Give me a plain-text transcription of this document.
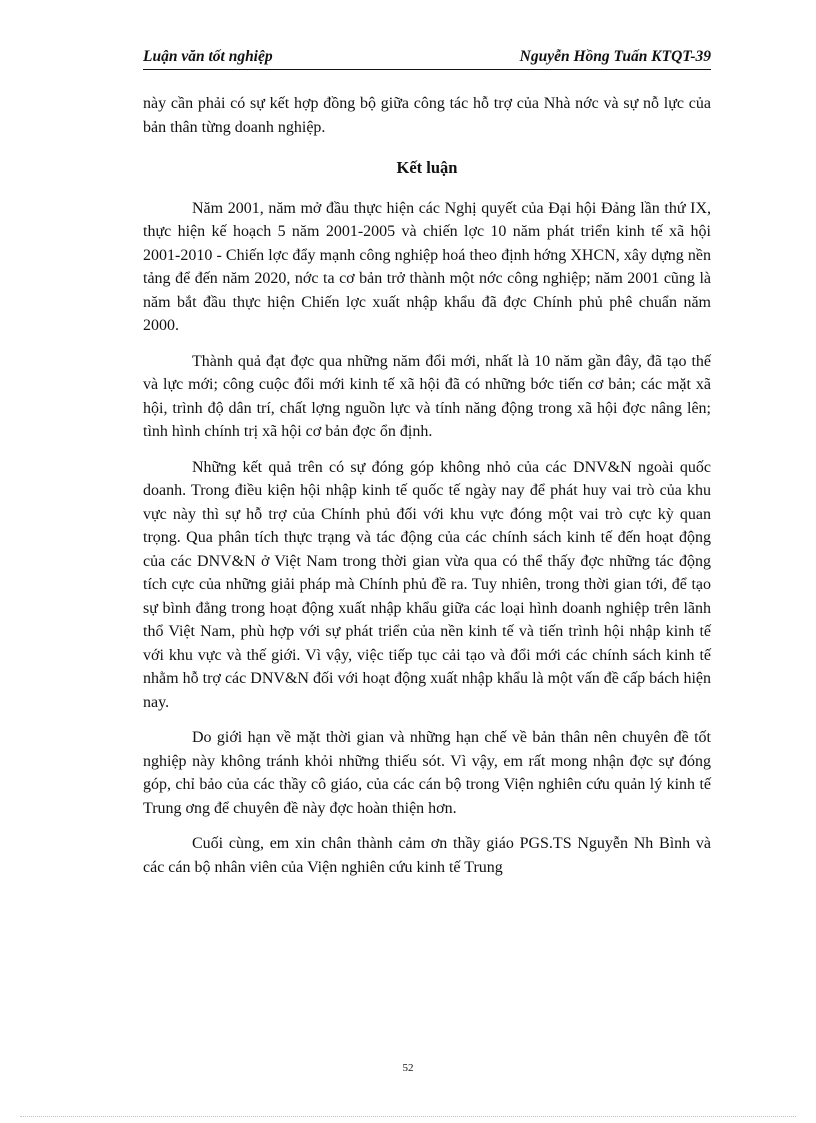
Luận văn tốt nghiệp	Nguyễn Hồng Tuấn KTQT-39

này cần phải có sự kết hợp đồng bộ giữa công tác hỗ trợ của Nhà nớc và sự nỗ lực của bản thân từng doanh nghiệp.

Kết luận

Năm 2001, năm mở đầu thực hiện các Nghị quyết của Đại hội Đảng lần thứ IX, thực hiện kế hoạch 5 năm 2001-2005 và chiến lợc 10 năm phát triển kinh tế xã hội 2001-2010 - Chiến lợc đẩy mạnh công nghiệp hoá theo định hớng XHCN, xây dựng nền tảng để đến năm 2020, nớc ta cơ bản trở thành một nớc công nghiệp; năm 2001 cũng là năm bắt đầu thực hiện Chiến lợc xuất nhập khẩu đã đợc Chính phủ phê chuẩn năm 2000.

Thành quả đạt đợc qua những năm đổi mới, nhất là 10 năm gần đây, đã tạo thế và lực mới; công cuộc đổi mới kinh tế xã hội đã có những bớc tiến cơ bản; các mặt xã hội, trình độ dân trí, chất lợng nguồn lực và tính năng động trong xã hội đợc nâng lên; tình hình chính trị xã hội cơ bản đợc ổn định.

Những kết quả trên có sự đóng góp không nhỏ của các DNV&N ngoài quốc doanh. Trong điều kiện hội nhập kinh tế quốc tế ngày nay để phát huy vai trò của khu vực này thì sự hỗ trợ của Chính phủ đối với khu vực đóng một vai trò cực kỳ quan trọng. Qua phân tích thực trạng và tác động của các chính sách kinh tế đến hoạt động của các DNV&N ở Việt Nam trong thời gian vừa qua có thể thấy đợc những tác động tích cực của những giải pháp mà Chính phủ đề ra. Tuy nhiên, trong thời gian tới, để tạo sự bình đẳng trong hoạt động xuất nhập khẩu giữa các loại hình doanh nghiệp trên lãnh thổ Việt Nam, phù hợp với sự phát triển của nền kinh tế và tiến trình hội nhập kinh tế với khu vực và thế giới. Vì vậy, việc tiếp tục cải tạo và đổi mới các chính sách kinh tế nhằm hỗ trợ các DNV&N đối với hoạt động xuất nhập khẩu là một vấn đề cấp bách hiện nay.

Do giới hạn về mặt thời gian và những hạn chế về bản thân nên chuyên đề tốt nghiệp này không tránh khỏi những thiếu sót. Vì vậy, em rất mong nhận đợc sự đóng góp, chỉ bảo của các thầy cô giáo, của các cán bộ trong Viện nghiên cứu quản lý kinh tế Trung ơng để chuyên đề này đợc hoàn thiện hơn.

Cuối cùng, em xin chân thành cảm ơn thầy giáo PGS.TS Nguyễn Nh Bình và các cán bộ nhân viên của Viện nghiên cứu kinh tế Trung

52
